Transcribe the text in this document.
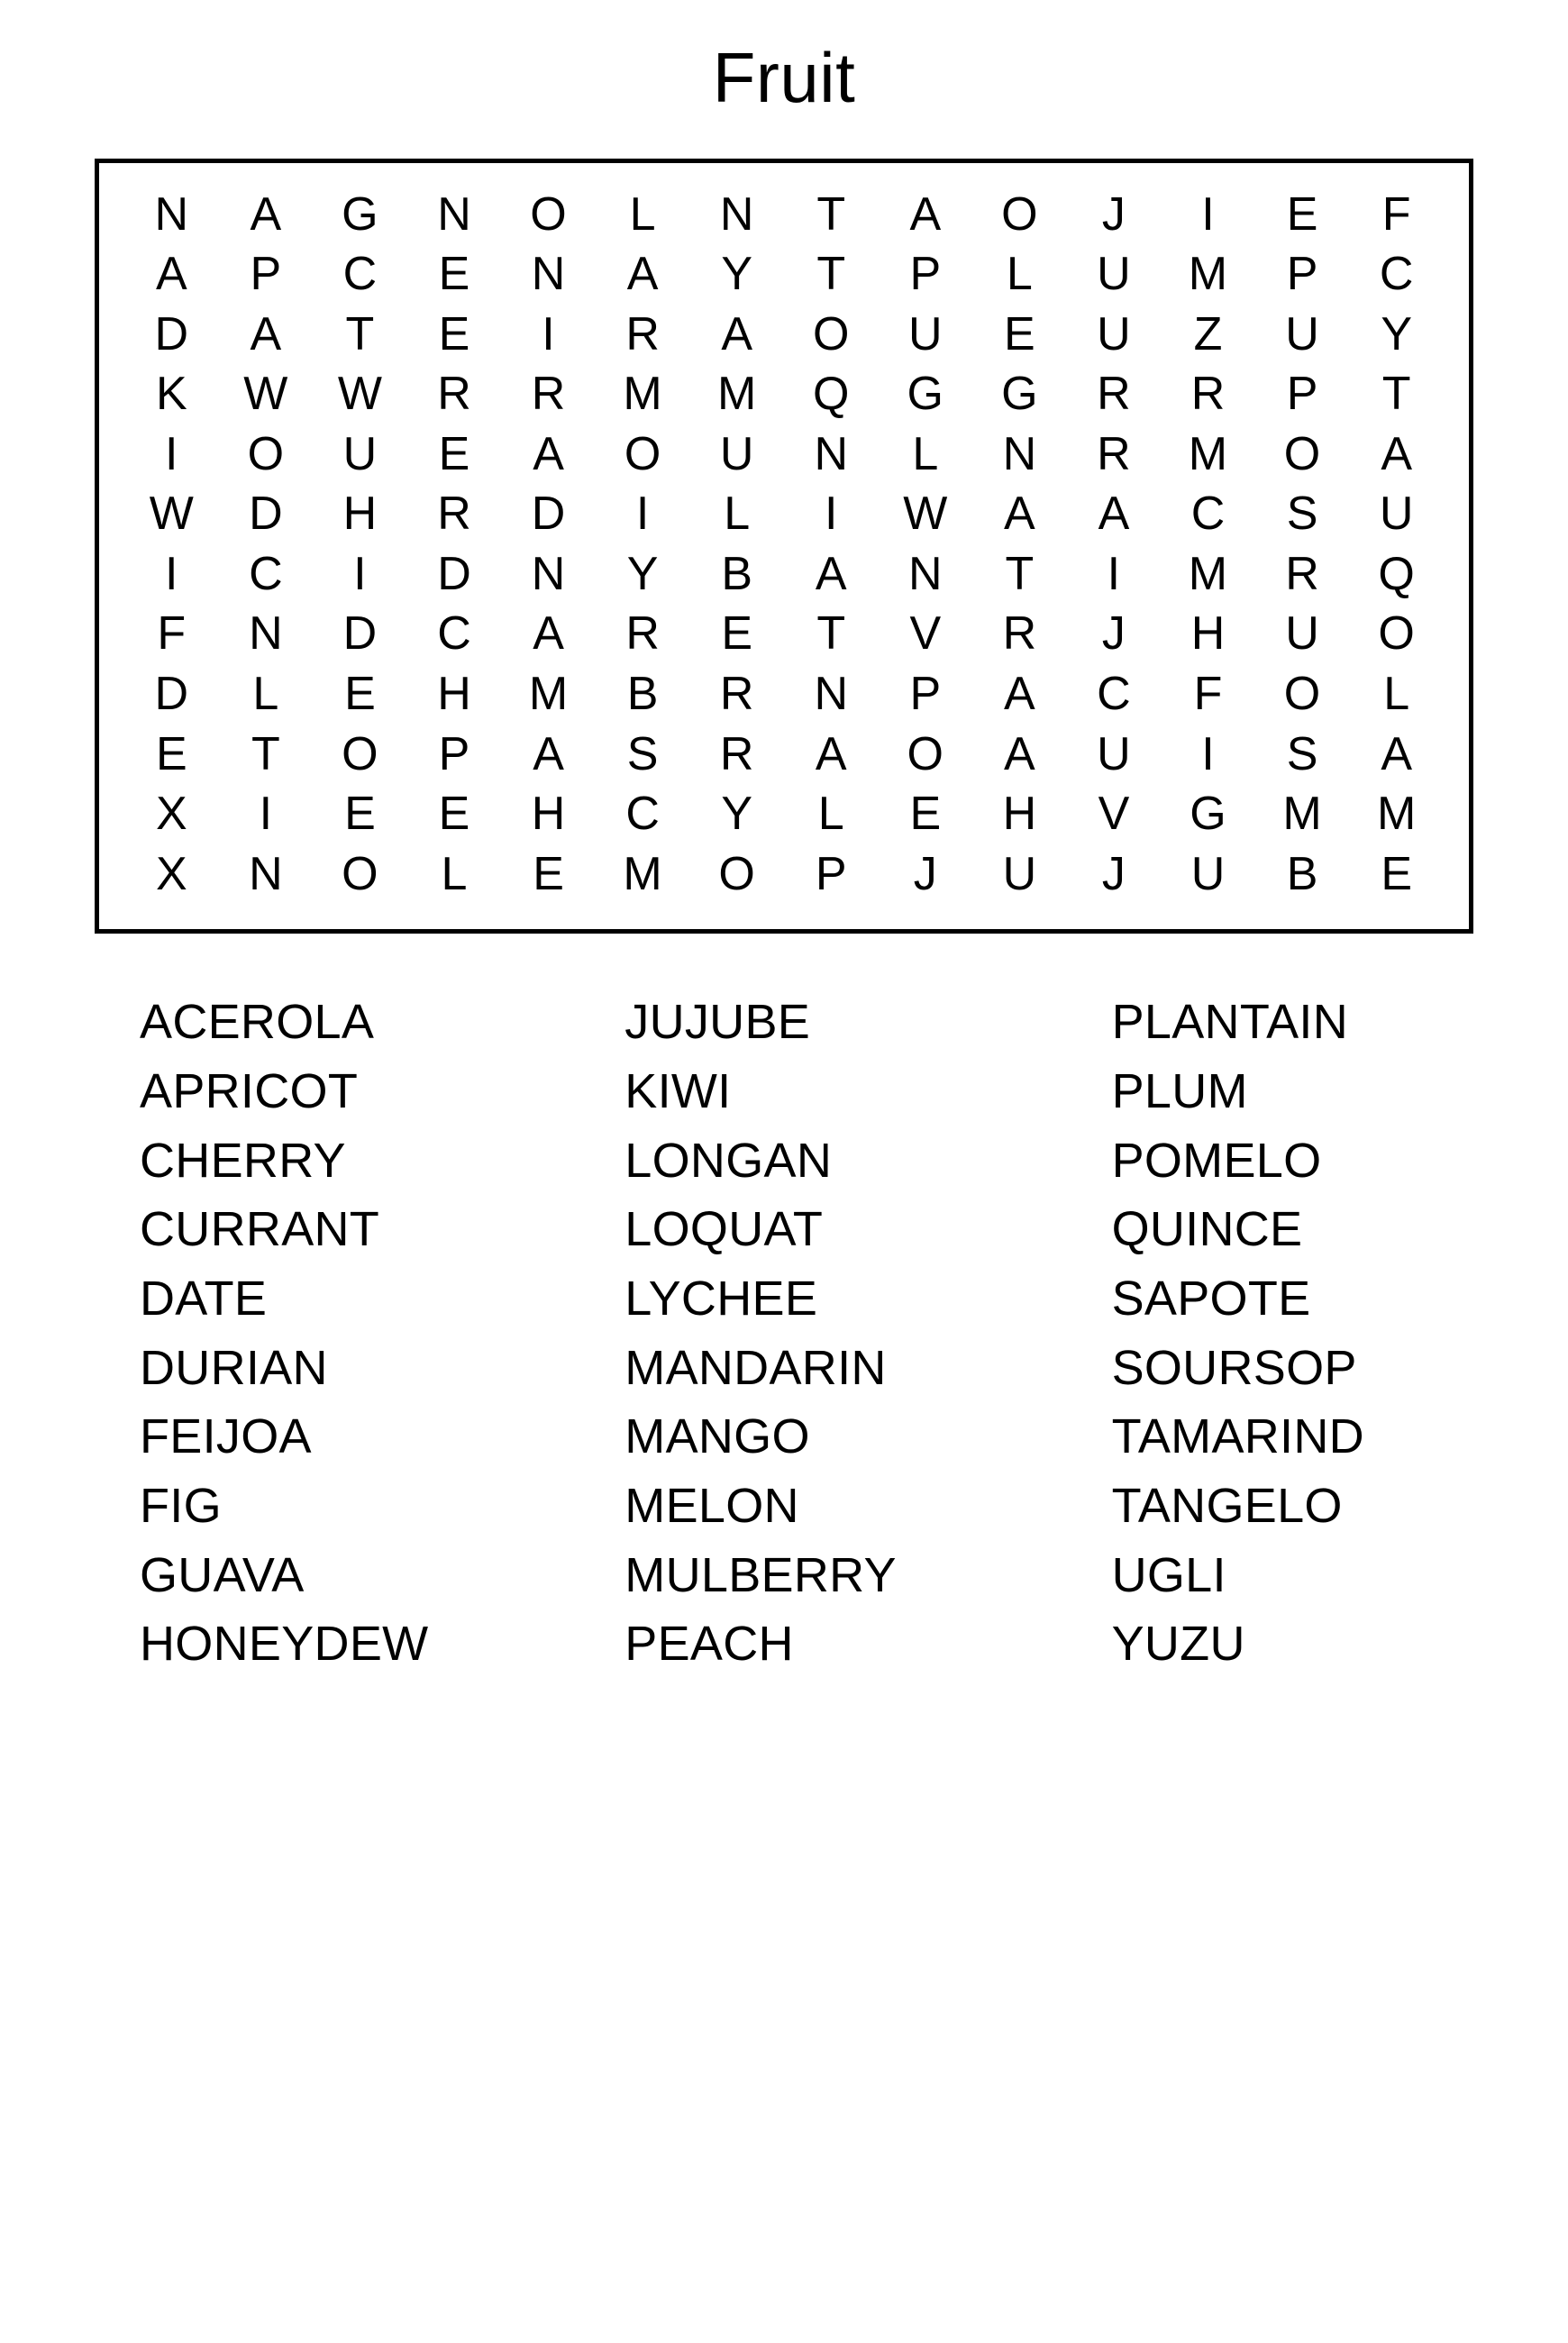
Fruit
N	A	G	N	O	L	N	T	A	O	J	I	E	F
A	P	C	E	N	A	Y	T	P	L	U	M	P	C
D	A	T	E	I	R	A	O	U	E	U	Z	U	Y
K	W	W	R	R	M	M	Q	G	G	R	R	P	T
I	O	U	E	A	O	U	N	L	N	R	M	O	A
W	D	H	R	D	I	L	I	W	A	A	C	S	U
I	C	I	D	N	Y	B	A	N	T	I	M	R	Q
F	N	D	C	A	R	E	T	V	R	J	H	U	O
D	L	E	H	M	B	R	N	P	A	C	F	O	L
E	T	O	P	A	S	R	A	O	A	U	I	S	A
X	I	E	E	H	C	Y	L	E	H	V	G	M	M
X	N	O	L	E	M	O	P	J	U	J	U	B	E
ACEROLA
APRICOT
CHERRY
CURRANT
DATE
DURIAN
FEIJOA
FIG
GUAVA
HONEYDEW
JUJUBE
KIWI
LONGAN
LOQUAT
LYCHEE
MANDARIN
MANGO
MELON
MULBERRY
PEACH
PLANTAIN
PLUM
POMELO
QUINCE
SAPOTE
SOURSOP
TAMARIND
TANGELO
UGLI
YUZU
